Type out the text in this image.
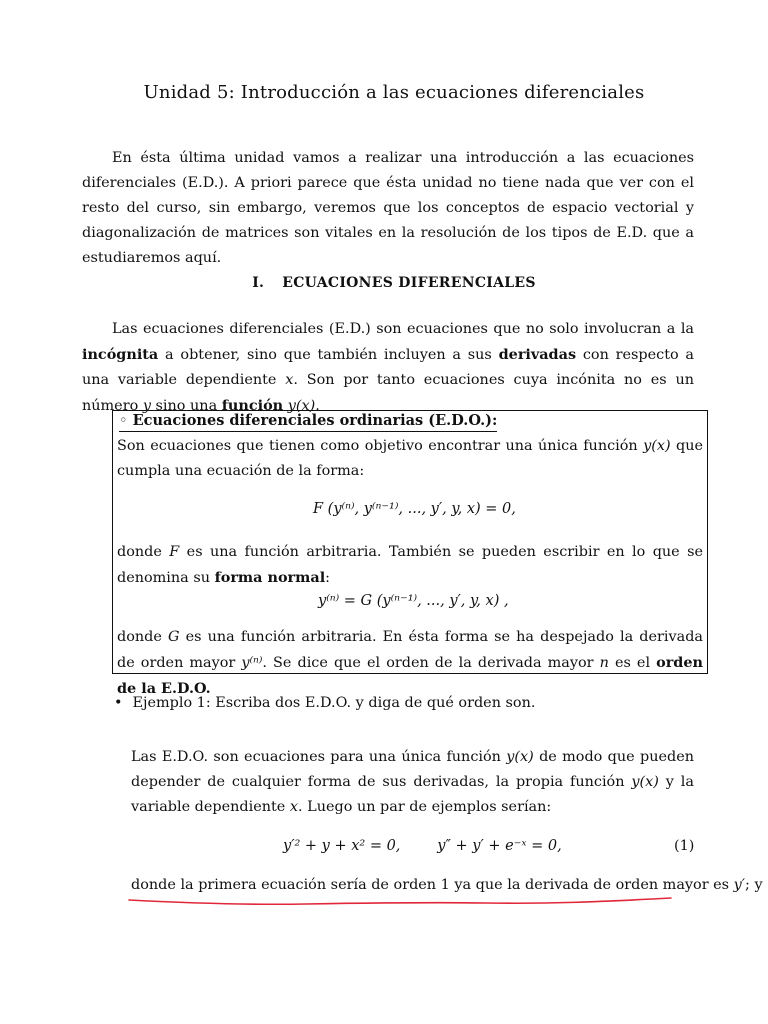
Unidad 5: Introducción a las ecuaciones diferenciales
En ésta última unidad vamos a realizar una introducción a las ecuaciones diferenciales (E.D.). A priori parece que ésta unidad no tiene nada que ver con el resto del curso, sin embargo, veremos que los conceptos de espacio vectorial y diagonalización de matrices son vitales en la resolución de los tipos de E.D. que a estudiaremos aquí.
I. ECUACIONES DIFERENCIALES
Las ecuaciones diferenciales (E.D.) son ecuaciones que no solo involucran a la incógnita a obtener, sino que también incluyen a sus derivadas con respecto a una variable dependiente x. Son por tanto ecuaciones cuya incónita no es un número y sino una función y(x).
◦ Ecuaciones diferenciales ordinarias (E.D.O.):
Son ecuaciones que tienen como objetivo encontrar una única función y(x) que cumpla una ecuación de la forma:
F (y⁽ⁿ⁾, y⁽ⁿ⁻¹⁾, ..., y′, y, x) = 0,
donde F es una función arbitraria. También se pueden escribir en lo que se denomina su forma normal:
y⁽ⁿ⁾ = G (y⁽ⁿ⁻¹⁾, ..., y′, y, x) ,
donde G es una función arbitraria. En ésta forma se ha despejado la derivada de orden mayor y⁽ⁿ⁾. Se dice que el orden de la derivada mayor n es el orden de la E.D.O.
• Ejemplo 1: Escriba dos E.D.O. y diga de qué orden son.
Las E.D.O. son ecuaciones para una única función y(x) de modo que pueden depender de cualquier forma de sus derivadas, la propia función y(x) y la variable dependiente x. Luego un par de ejemplos serían:
y′² + y + x² = 0,        y″ + y′ + e⁻ˣ = 0,	(1)
donde la primera ecuación sería de orden 1 ya que la derivada de orden mayor es y′; y
